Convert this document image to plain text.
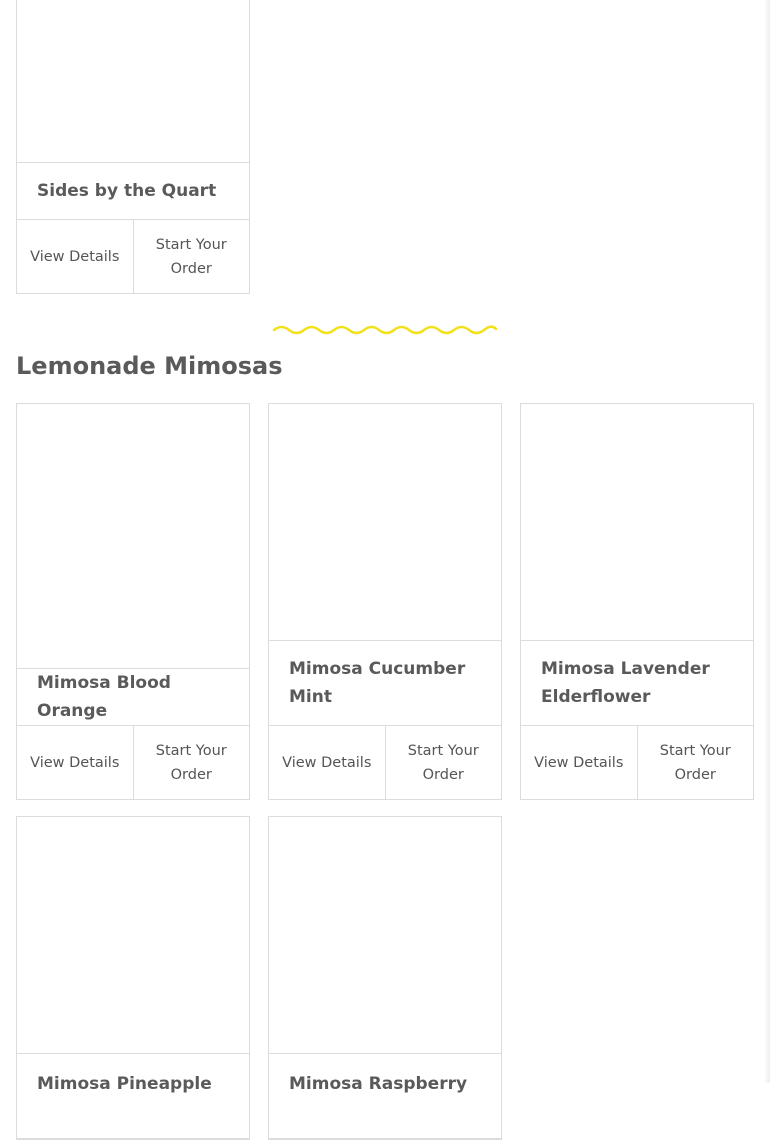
Sides by the Quart
View Details
Start Your Order
Lemonade Mimosas
Mimosa Blood Orange
View Details
Start Your Order
Mimosa Cucumber Mint
View Details
Start Your Order
Mimosa Lavender Elderflower
View Details
Start Your Order
Mimosa Pineapple	Mimosa Raspberry
